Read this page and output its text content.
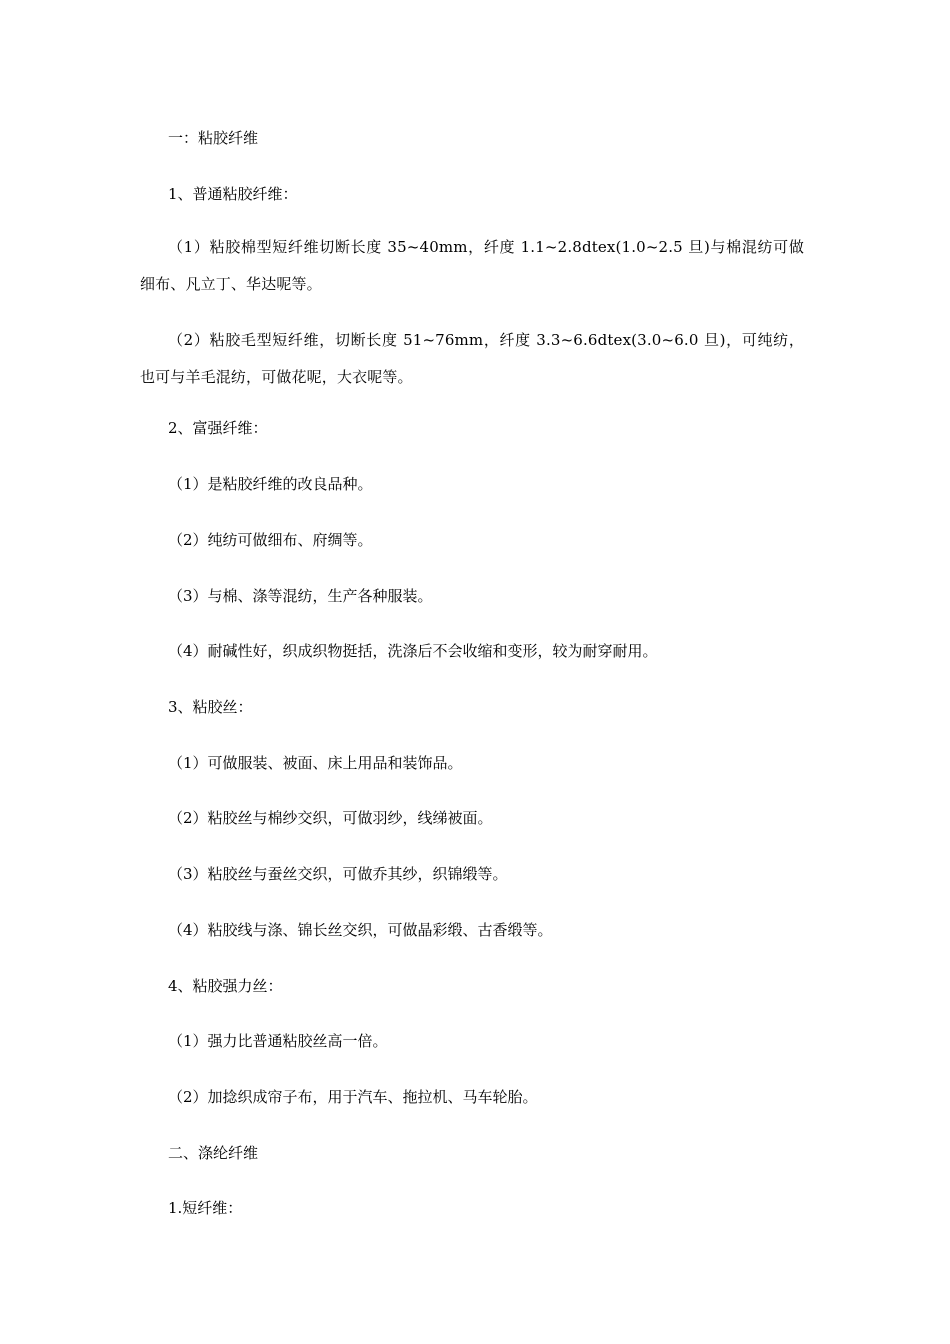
一：粘胶纤维
1、普通粘胶纤维：
（1）粘胶棉型短纤维切断长度 35~40mm，纤度 1.1~2.8dtex(1.0~2.5 旦)与棉混纺可做细布、凡立丁、华达呢等。
（2）粘胶毛型短纤维，切断长度 51~76mm，纤度 3.3~6.6dtex(3.0~6.0 旦)，可纯纺，也可与羊毛混纺，可做花呢，大衣呢等。
2、富强纤维：
（1）是粘胶纤维的改良品种。
（2）纯纺可做细布、府绸等。
（3）与棉、涤等混纺，生产各种服装。
（4）耐碱性好，织成织物挺括，洗涤后不会收缩和变形，较为耐穿耐用。
3、粘胶丝：
（1）可做服装、被面、床上用品和装饰品。
（2）粘胶丝与棉纱交织，可做羽纱，线绨被面。
（3）粘胶丝与蚕丝交织，可做乔其纱，织锦缎等。
（4）粘胶线与涤、锦长丝交织，可做晶彩缎、古香缎等。
4、粘胶强力丝：
（1）强力比普通粘胶丝高一倍。
（2）加捻织成帘子布，用于汽车、拖拉机、马车轮胎。
二、涤纶纤维
1.短纤维：
